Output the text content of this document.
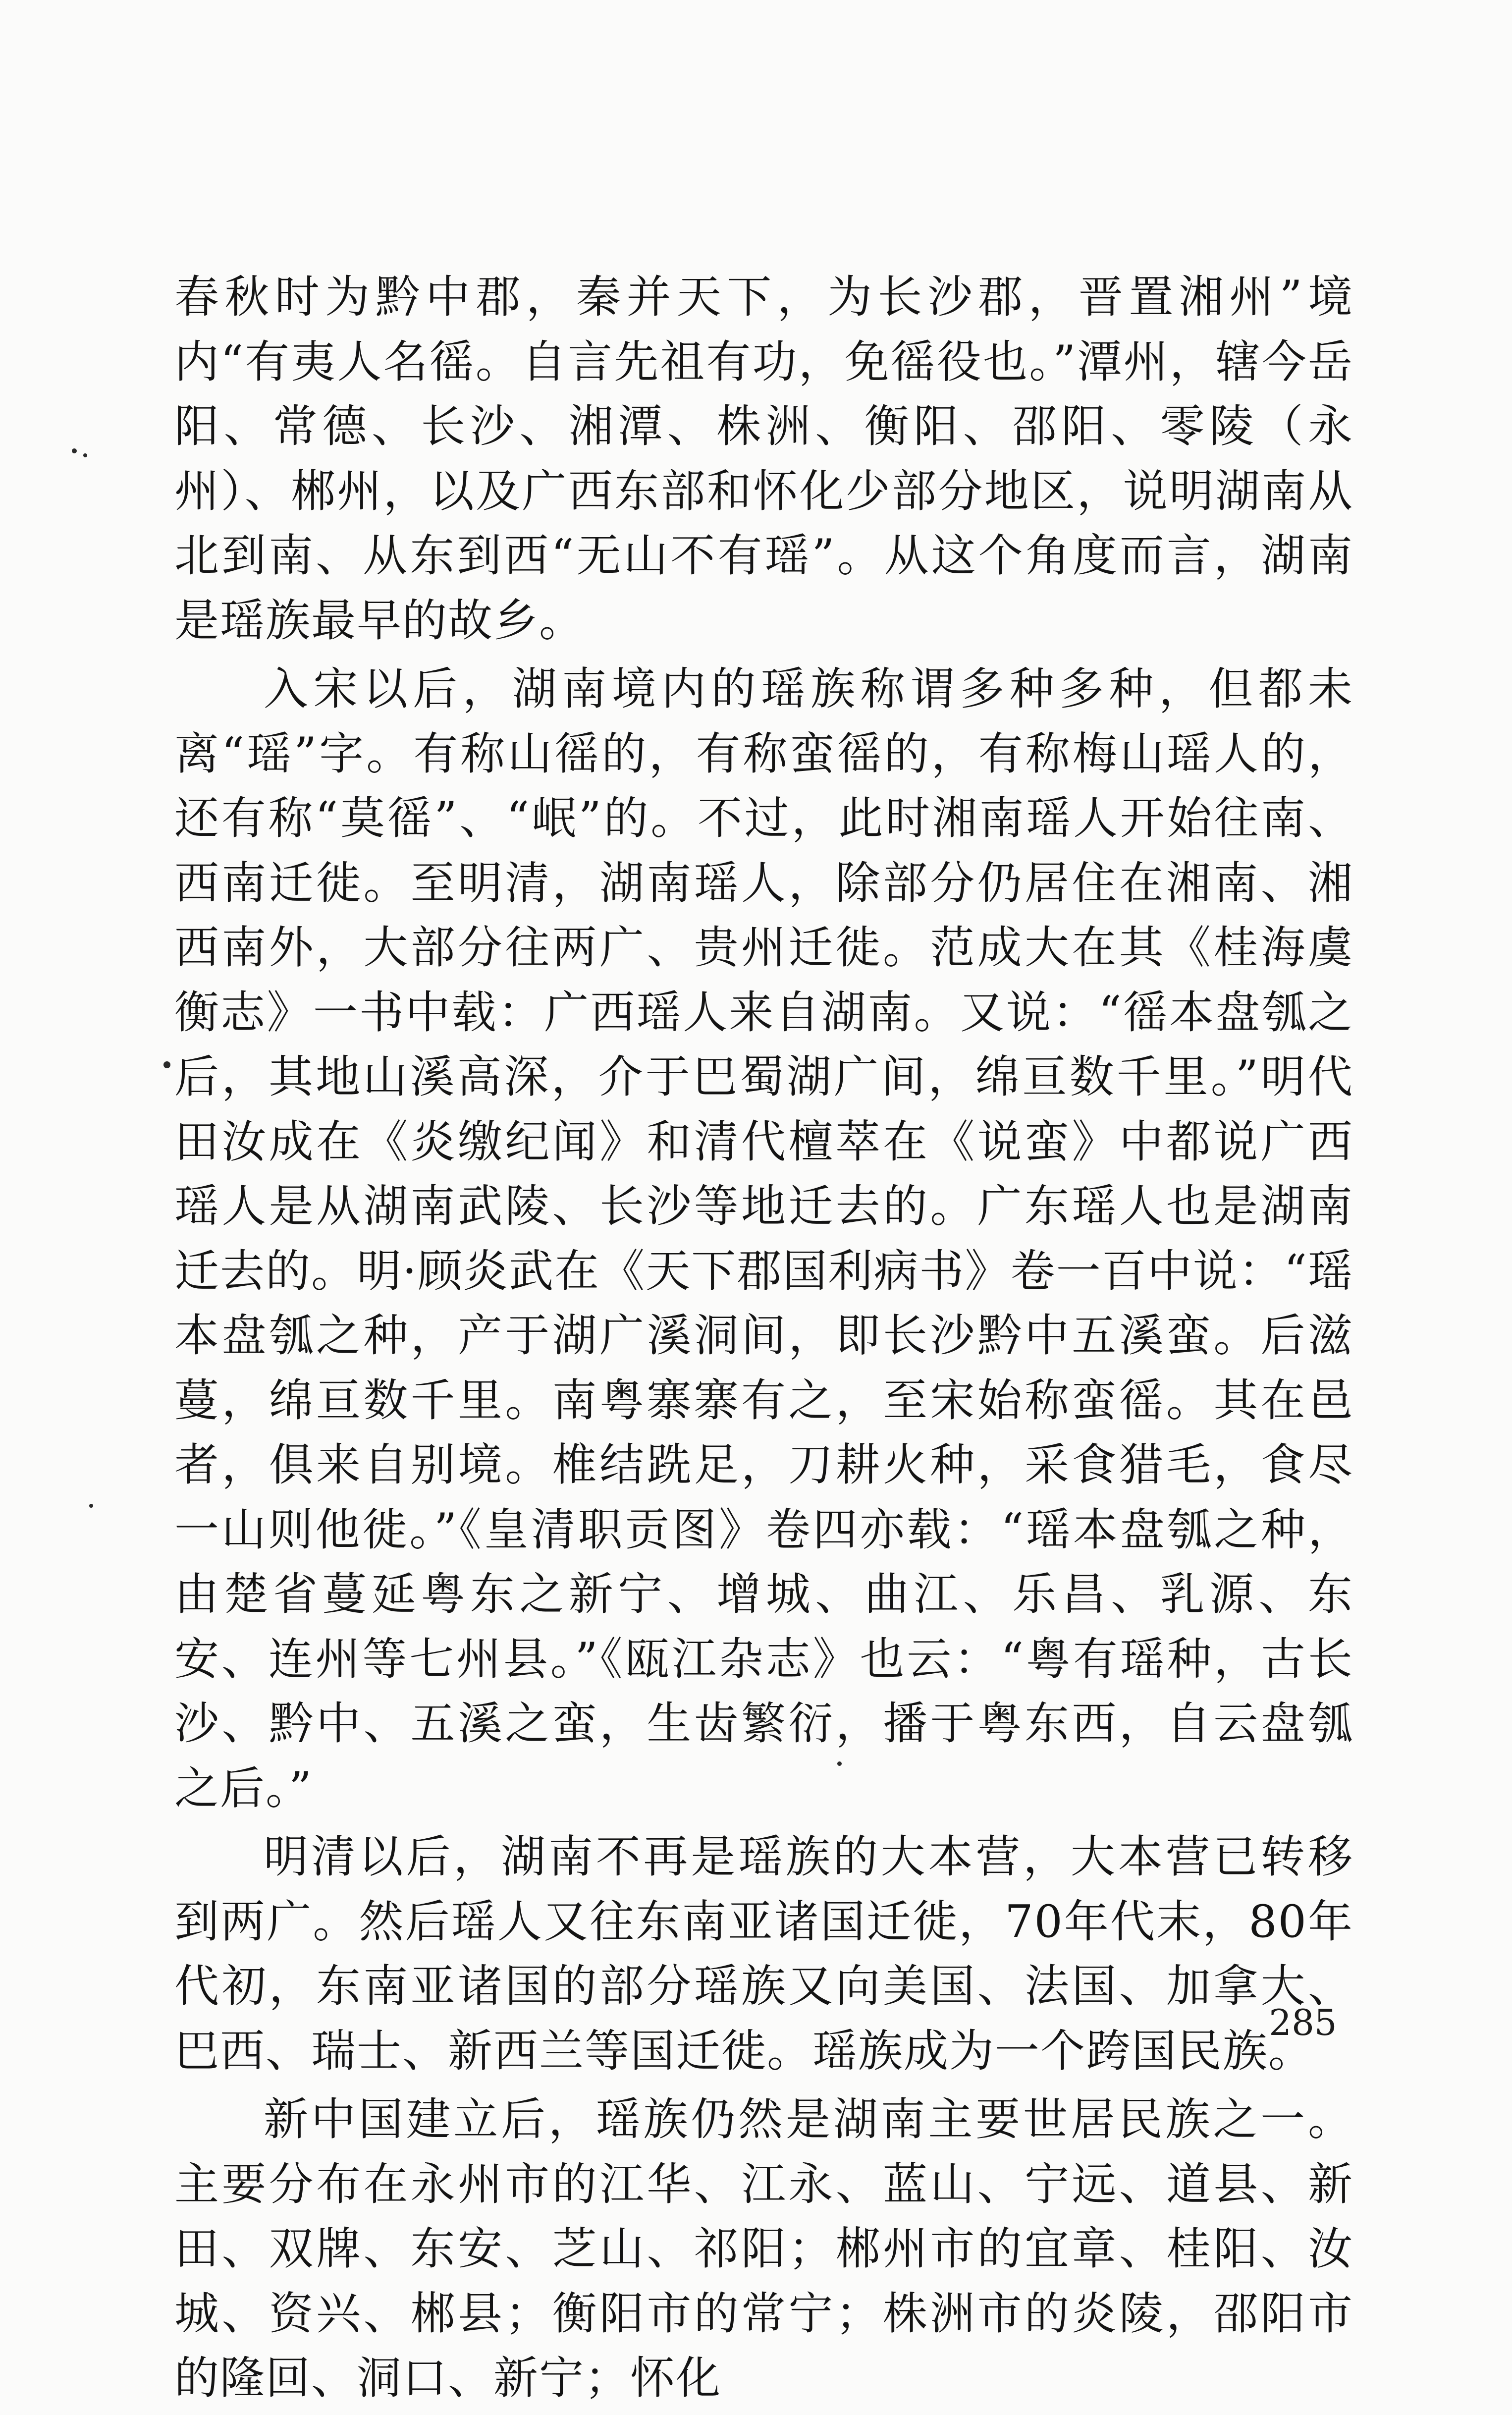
春秋时为黔中郡，秦并天下，为长沙郡，晋置湘州”境内“有夷人名徭。自言先祖有功，免徭役也。”潭州，辖今岳阳、常德、长沙、湘潭、株洲、衡阳、邵阳、零陵（永州）、郴州，以及广西东部和怀化少部分地区，说明湖南从北到南、从东到西“无山不有瑶”。从这个角度而言，湖南是瑶族最早的故乡。

入宋以后，湖南境内的瑶族称谓多种多种，但都未离“瑶”字。有称山徭的，有称蛮徭的，有称梅山瑶人的，还有称“莫徭”、“岷”的。不过，此时湘南瑶人开始往南、西南迁徙。至明清，湖南瑶人，除部分仍居住在湘南、湘西南外，大部分往两广、贵州迁徙。范成大在其《桂海虞衡志》一书中载：广西瑶人来自湖南。又说：“徭本盘瓠之后，其地山溪高深，介于巴蜀湖广间，绵亘数千里。”明代田汝成在《炎缴纪闻》和清代檀萃在《说蛮》中都说广西瑶人是从湖南武陵、长沙等地迁去的。广东瑶人也是湖南迁去的。明·顾炎武在《天下郡国利病书》卷一百中说：“瑶本盘瓠之种，产于湖广溪洞间，即长沙黔中五溪蛮。后滋蔓，绵亘数千里。南粤寨寨有之，至宋始称蛮徭。其在邑者，俱来自别境。椎结跣足，刀耕火种，采食猎毛，食尽一山则他徙。”《皇清职贡图》卷四亦载：“瑶本盘瓠之种，由楚省蔓延粤东之新宁、增城、曲江、乐昌、乳源、东安、连州等七州县。”《瓯江杂志》也云：“粤有瑶种，古长沙、黔中、五溪之蛮，生齿繁衍，播于粤东西，自云盘瓠之后。”

明清以后，湖南不再是瑶族的大本营，大本营已转移到两广。然后瑶人又往东南亚诸国迁徙，70年代末，80年代初，东南亚诸国的部分瑶族又向美国、法国、加拿大、巴西、瑞士、新西兰等国迁徙。瑶族成为一个跨国民族。

新中国建立后，瑶族仍然是湖南主要世居民族之一。主要分布在永州市的江华、江永、蓝山、宁远、道县、新田、双牌、东安、芝山、祁阳；郴州市的宜章、桂阳、汝城、资兴、郴县；衡阳市的常宁；株洲市的炎陵，邵阳市的隆回、洞口、新宁；怀化

285
